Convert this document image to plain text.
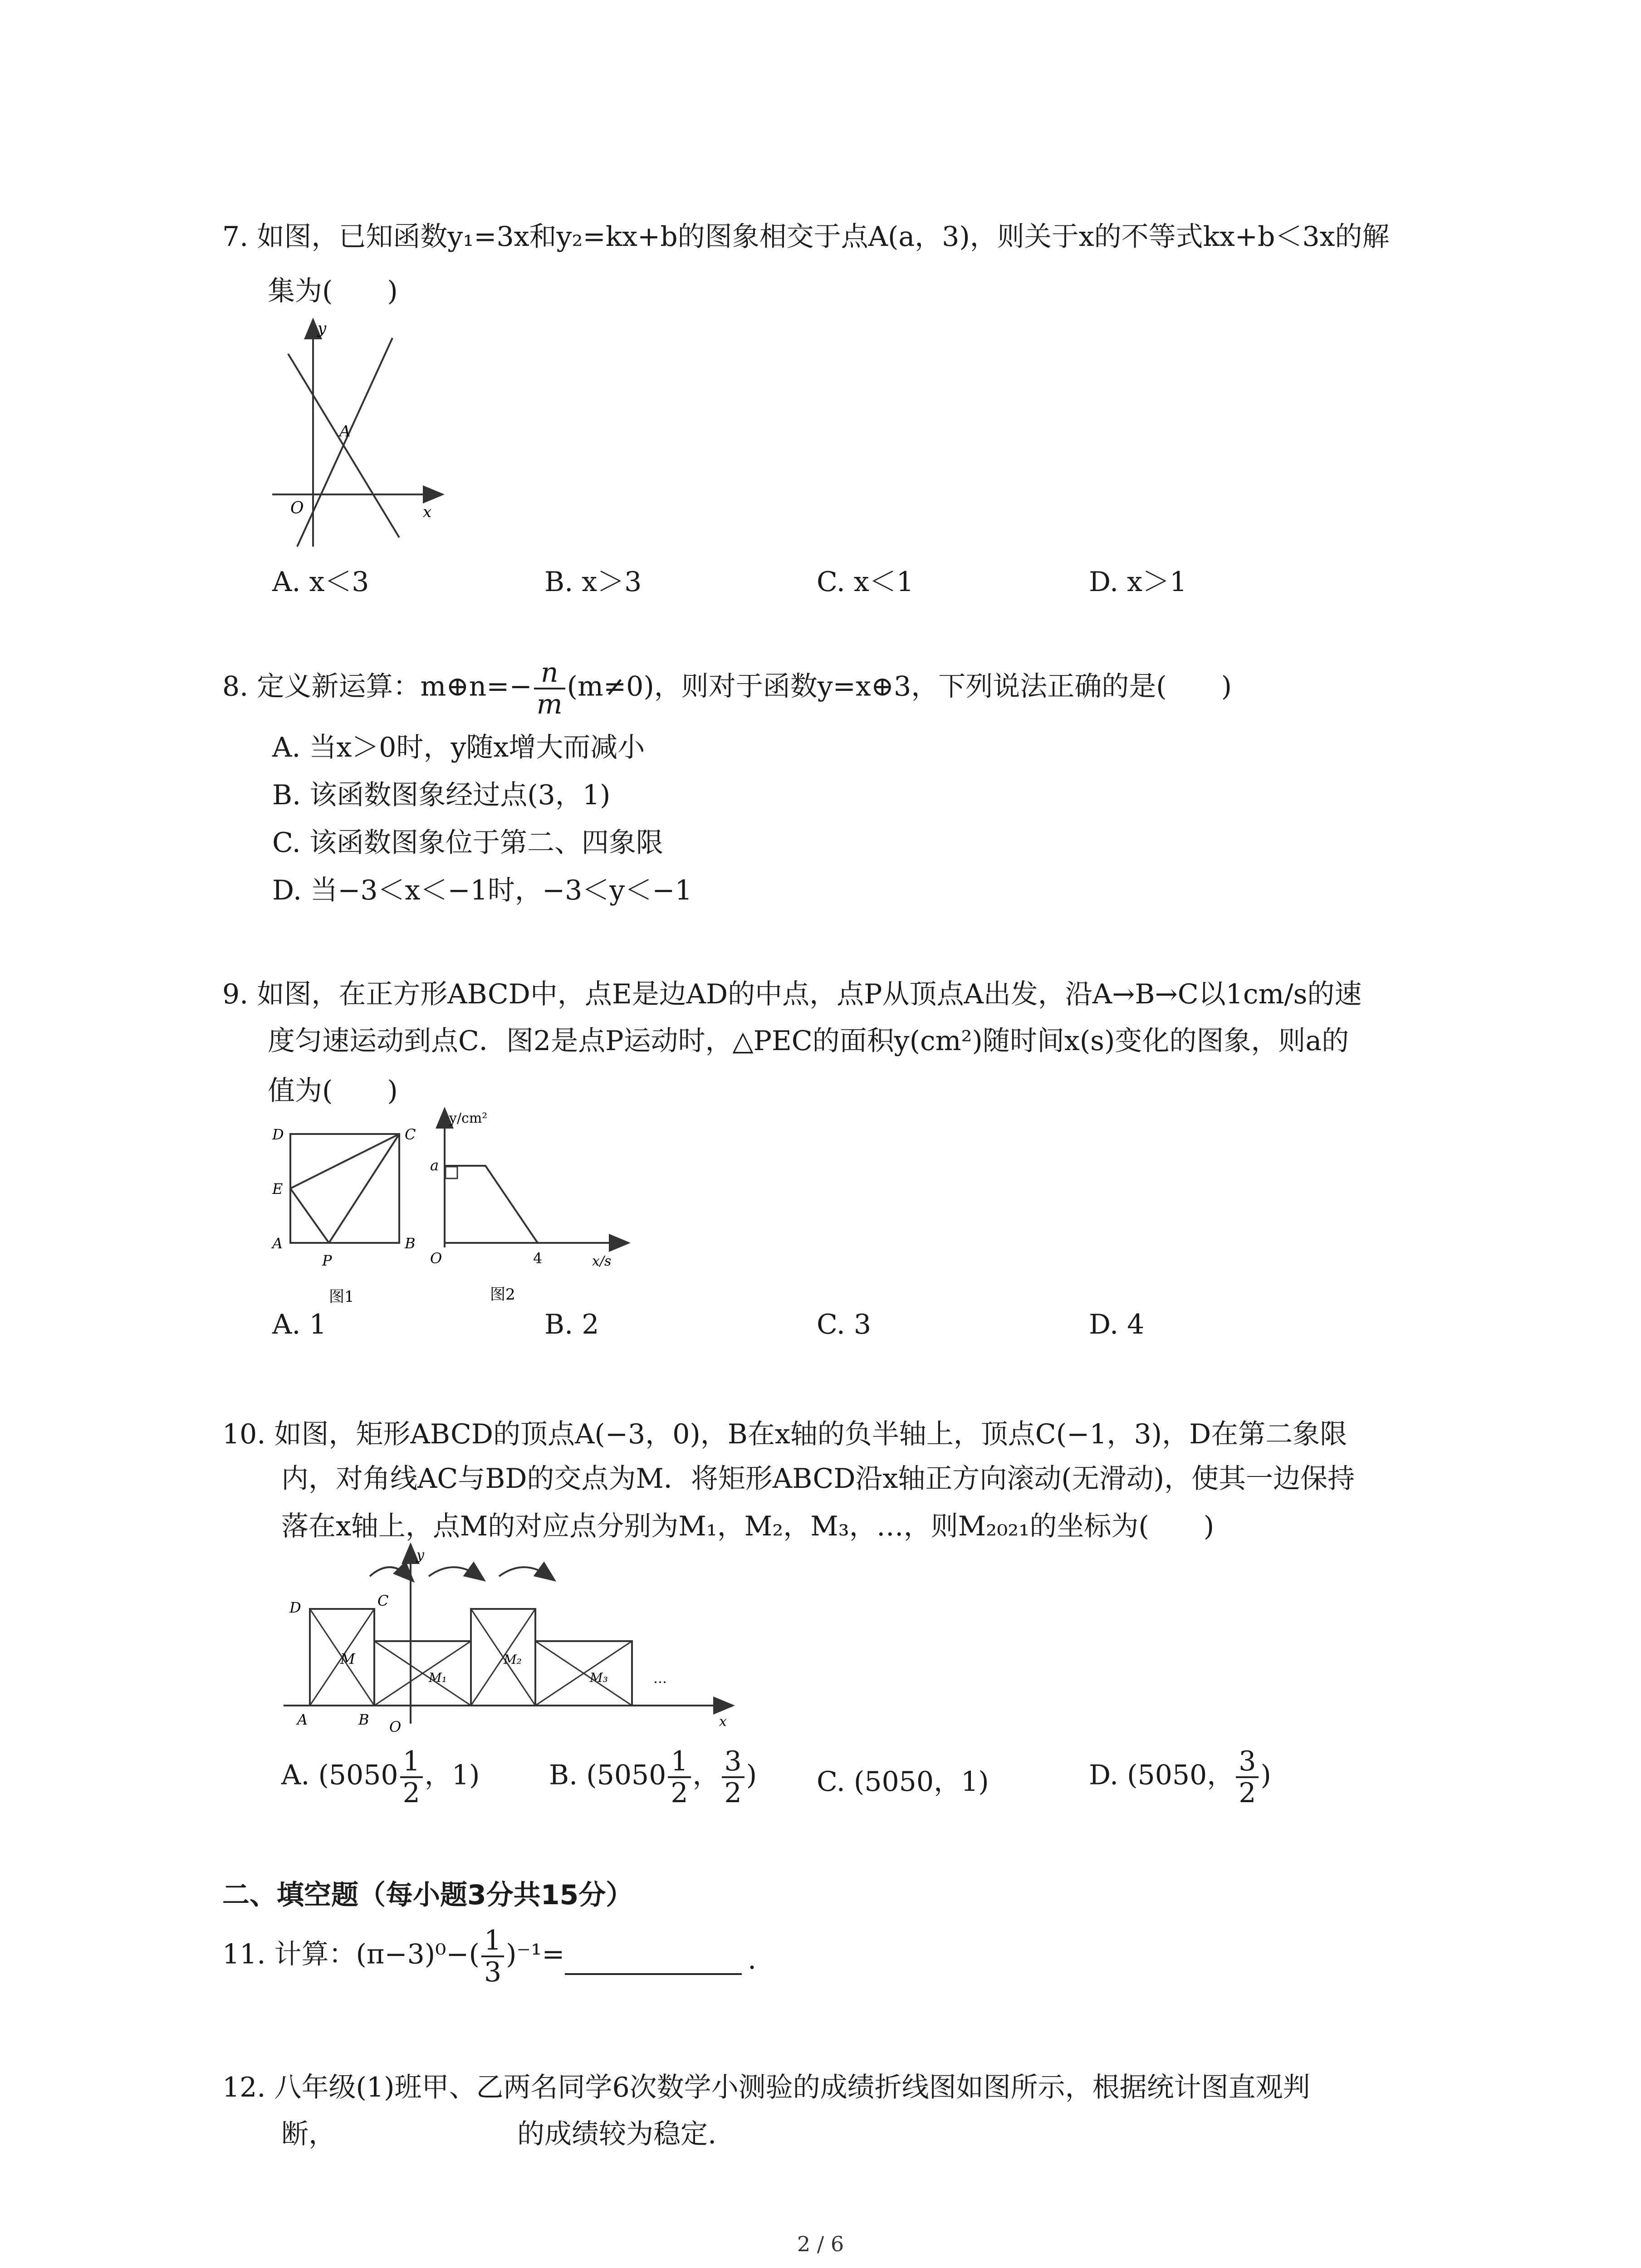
7. 如图，已知函数y₁=3x和y₂=kx+b的图象相交于点A(a，3)，则关于x的不等式kx+b＜3x的解
集为(　　)
y
x
O
A
A. x＜3	B. x＞3	C. x＜1	D. x＞1
8. 定义新运算：m⊕n=− $\frac{n}{m} (m\ne 0)$，则对于函数y=x⊕3，下列说法正确的是(　　)
A. 当x＞0时，y随x增大而减小
B. 该函数图象经过点(3，1)
C. 该函数图象位于第二、四象限
D. 当−3＜x＜−1时，−3＜y＜−1
9. 如图，在正方形ABCD中，点E是边AD的中点，点P从顶点A出发，沿A→B→C以1cm/s的速
度匀速运动到点C．图2是点P运动时，△PEC的面积y(cm²)随时间x(s)变化的图象，则a的
值为(　　)
D	C
E
A
P
B
图1
y/cm²
a
O	4	x/s
图2
A. 1	B. 2	C. 3	D. 4
10. 如图，矩形ABCD的顶点A(−3，0)，B在x轴的负半轴上，顶点C(−1，3)，D在第二象限
内，对角线AC与BD的交点为M．将矩形ABCD沿x轴正方向滚动(无滑动)，使其一边保持
落在x轴上，点M的对应点分别为M₁，M₂，M₃，…，则M₂₀₂₁的坐标为(　　)
D	C
M
M₁
M₂
M₃	…
A	B O
y
x
A. ($5050 \frac{1}{2}$ ，1)	B. ($5050 \frac{1}{2}$ ， $\frac{3}{2}$ ) C. (5050，1)	D. (5050， $\frac{3}{2}$ )
二、填空题（每小题3分共15分）
11. 计算：$(\pi-3)^0-( \frac{1}{3} )^{-1}=$	.
12. 八年级(1)班甲、乙两名同学6次数学小测验的成绩折线图如图所示，根据统计图直观判
断，	的成绩较为稳定.
2 / 6
